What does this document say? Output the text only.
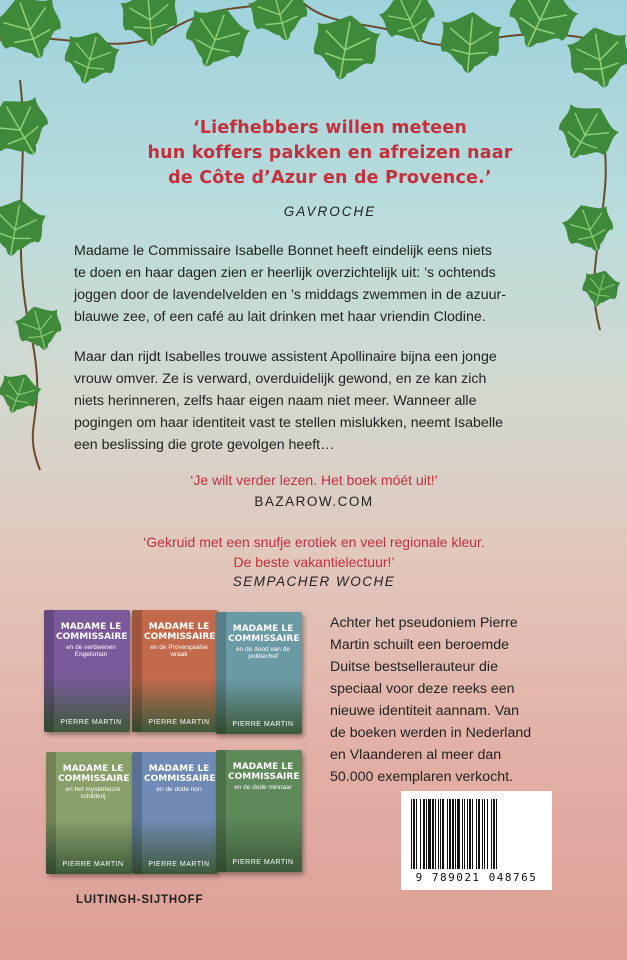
‘Liefhebbers willen meteen
hun koffers pakken en afreizen naar
de Côte d’Azur en de Provence.’
GAVROCHE
Madame le Commissaire Isabelle Bonnet heeft eindelijk eens niets
te doen en haar dagen zien er heerlijk overzichtelijk uit: ’s ochtends
joggen door de lavendelvelden en ’s middags zwemmen in de azuur-
blauwe zee, of een café au lait drinken met haar vriendin Clodine.
Maar dan rijdt Isabelles trouwe assistent Apollinaire bijna een jonge
vrouw omver. Ze is verward, overduidelijk gewond, en ze kan zich
niets herinneren, zelfs haar eigen naam niet meer. Wanneer alle
pogingen om haar identiteit vast te stellen mislukken, neemt Isabelle
een beslissing die grote gevolgen heeft…
‘Je wilt verder lezen. Het boek móét uit!’
BAZAROW.COM
‘Gekruid met een snufje erotiek en veel regionale kleur.
De beste vakantielectuur!’
SEMPACHER WOCHE
MADAME LE COMMISSAIRE
en de verdwenen Engelsman
PIERRE MARTIN
MADAME LE COMMISSAIRE
en de Provençaalse wraak
PIERRE MARTIN
MADAME LE COMMISSAIRE
en de dood van de politiechef
PIERRE MARTIN
MADAME LE COMMISSAIRE
en het mysterieuze schilderij
PIERRE MARTIN
MADAME LE COMMISSAIRE
en de dode non
PIERRE MARTIN
MADAME LE COMMISSAIRE
en de dode minnaar
PIERRE MARTIN
Achter het pseudoniem Pierre
Martin schuilt een beroemde
Duitse bestsellerauteur die
speciaal voor deze reeks een
nieuwe identiteit aannam. Van
de boeken werden in Nederland
en Vlaanderen al meer dan
50.000 exemplaren verkocht.
9 789021 048765
LUITINGH-SIJTHOFF
